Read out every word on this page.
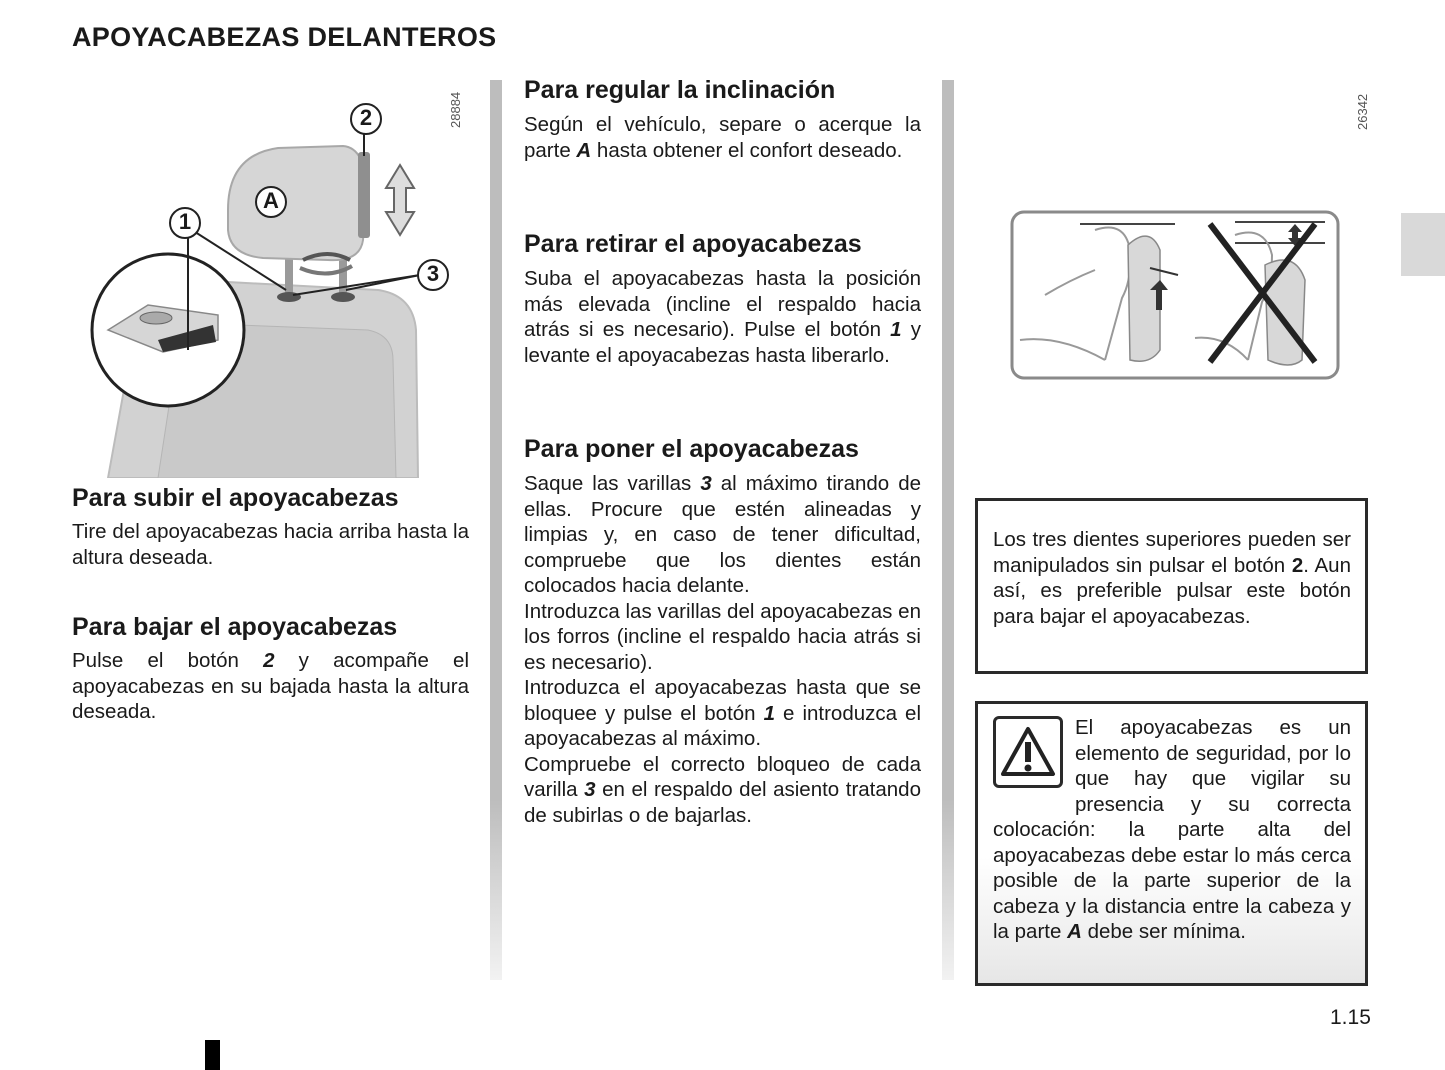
APOYACABEZAS DELANTEROS
2
1
A
3
28884
Para subir el apoyacabezas

Tire del apoyacabezas hacia arriba hasta la altura deseada.

Para bajar el apoyacabezas

Pulse el botón 2 y acompañe el apoyacabezas en su bajada hasta la altura deseada.

Para regular la inclinación

Según el vehículo, separe o acerque la parte A hasta obtener el confort deseado.

Para retirar el apoyacabezas

Suba el apoyacabezas hasta la posición más elevada (incline el respaldo hacia atrás si es necesario). Pulse el botón 1 y levante el apoyacabezas hasta liberarlo.

Para poner el apoyacabezas

Saque las varillas 3 al máximo tirando de ellas. Procure que estén alineadas y limpias y, en caso de tener dificultad, compruebe que los dientes están colocados hacia delante.

Introduzca las varillas del apoyacabezas en los forros (incline el respaldo hacia atrás si es necesario).

Introduzca el apoyacabezas hasta que se bloquee y pulse el botón 1 e introduzca el apoyacabezas al máximo.

Compruebe el correcto bloqueo de cada varilla 3 en el respaldo del asiento tratando de subirlas o de bajarlas.

26342

Los tres dientes superiores pueden ser manipulados sin pulsar el botón 2. Aun así, es preferible pulsar este botón para bajar el apoyacabezas.

El apoyacabezas es un elemento de seguridad, por lo que hay que vigilar su presencia y su correcta colocación: la parte alta del apoyacabezas debe estar lo más cerca posible de la parte superior de la cabeza y la distancia entre la cabeza y la parte A debe ser mínima.

1.15
